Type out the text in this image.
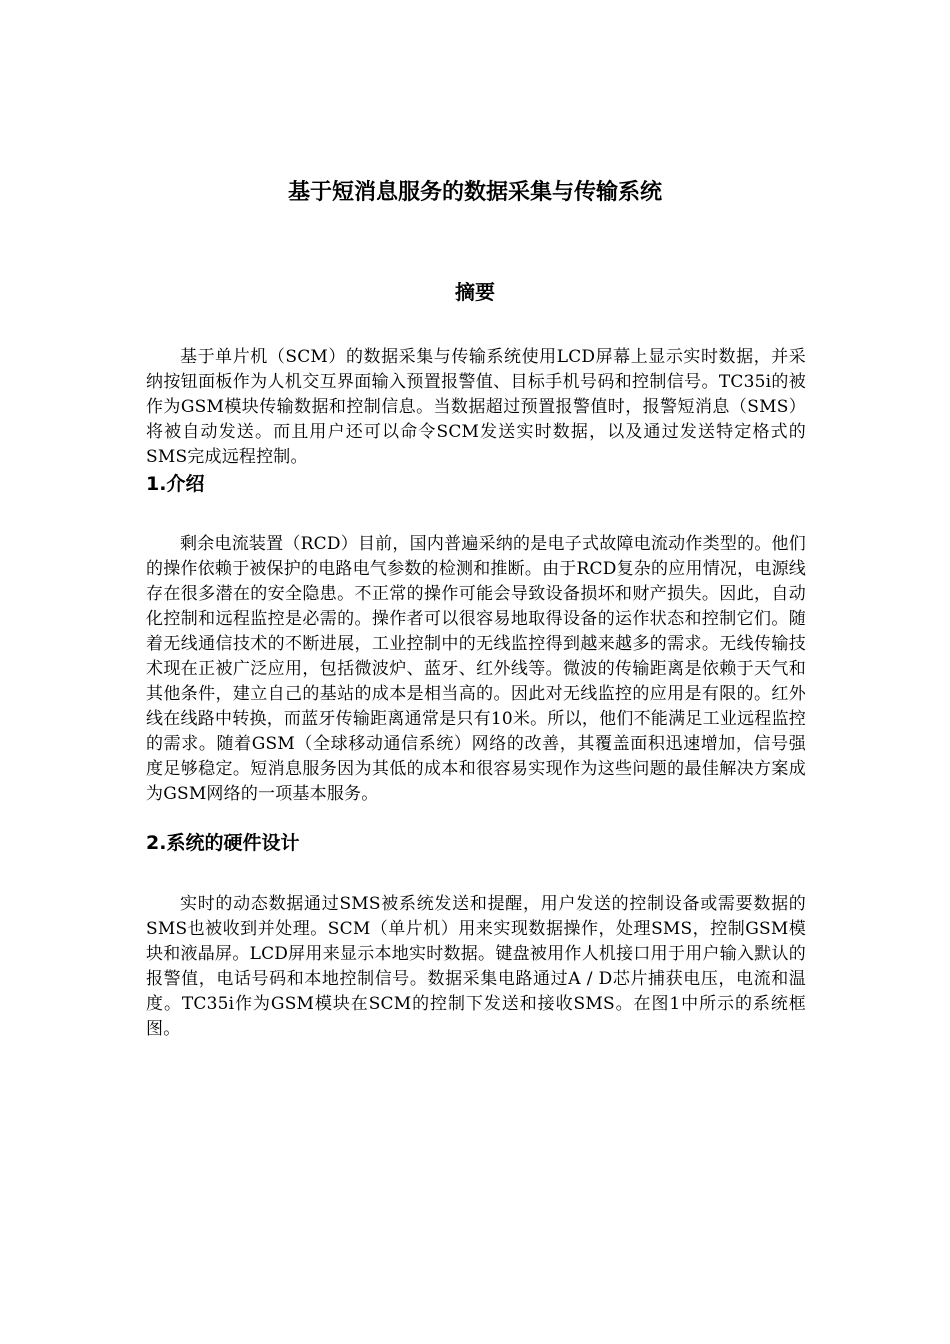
基于短消息服务的数据采集与传输系统
摘要

基于单片机（SCM）的数据采集与传输系统使用LCD屏幕上显示实时数据，并采纳按钮面板作为人机交互界面输入预置报警值、目标手机号码和控制信号。TC35i的被作为GSM模块传输数据和控制信息。当数据超过预置报警值时，报警短消息（SMS）将被自动发送。而且用户还可以命令SCM发送实时数据，以及通过发送特定格式的SMS完成远程控制。

1.介绍

剩余电流装置（RCD）目前，国内普遍采纳的是电子式故障电流动作类型的。他们的操作依赖于被保护的电路电气参数的检测和推断。由于RCD复杂的应用情况，电源线存在很多潜在的安全隐患。不正常的操作可能会导致设备损坏和财产损失。因此，自动化控制和远程监控是必需的。操作者可以很容易地取得设备的运作状态和控制它们。随着无线通信技术的不断进展，工业控制中的无线监控得到越来越多的需求。无线传输技术现在正被广泛应用，包括微波炉、蓝牙、红外线等。微波的传输距离是依赖于天气和其他条件，建立自己的基站的成本是相当高的。因此对无线监控的应用是有限的。红外线在线路中转换，而蓝牙传输距离通常是只有10米。所以，他们不能满足工业远程监控的需求。随着GSM（全球移动通信系统）网络的改善，其覆盖面积迅速增加，信号强度足够稳定。短消息服务因为其低的成本和很容易实现作为这些问题的最佳解决方案成为GSM网络的一项基本服务。

2.系统的硬件设计

实时的动态数据通过SMS被系统发送和提醒，用户发送的控制设备或需要数据的SMS也被收到并处理。SCM（单片机）用来实现数据操作，处理SMS，控制GSM模块和液晶屏。LCD屏用来显示本地实时数据。键盘被用作人机接口用于用户输入默认的报警值，电话号码和本地控制信号。数据采集电路通过A / D芯片捕获电压，电流和温度。TC35i作为GSM模块在SCM的控制下发送和接收SMS。在图1中所示的系统框图。
